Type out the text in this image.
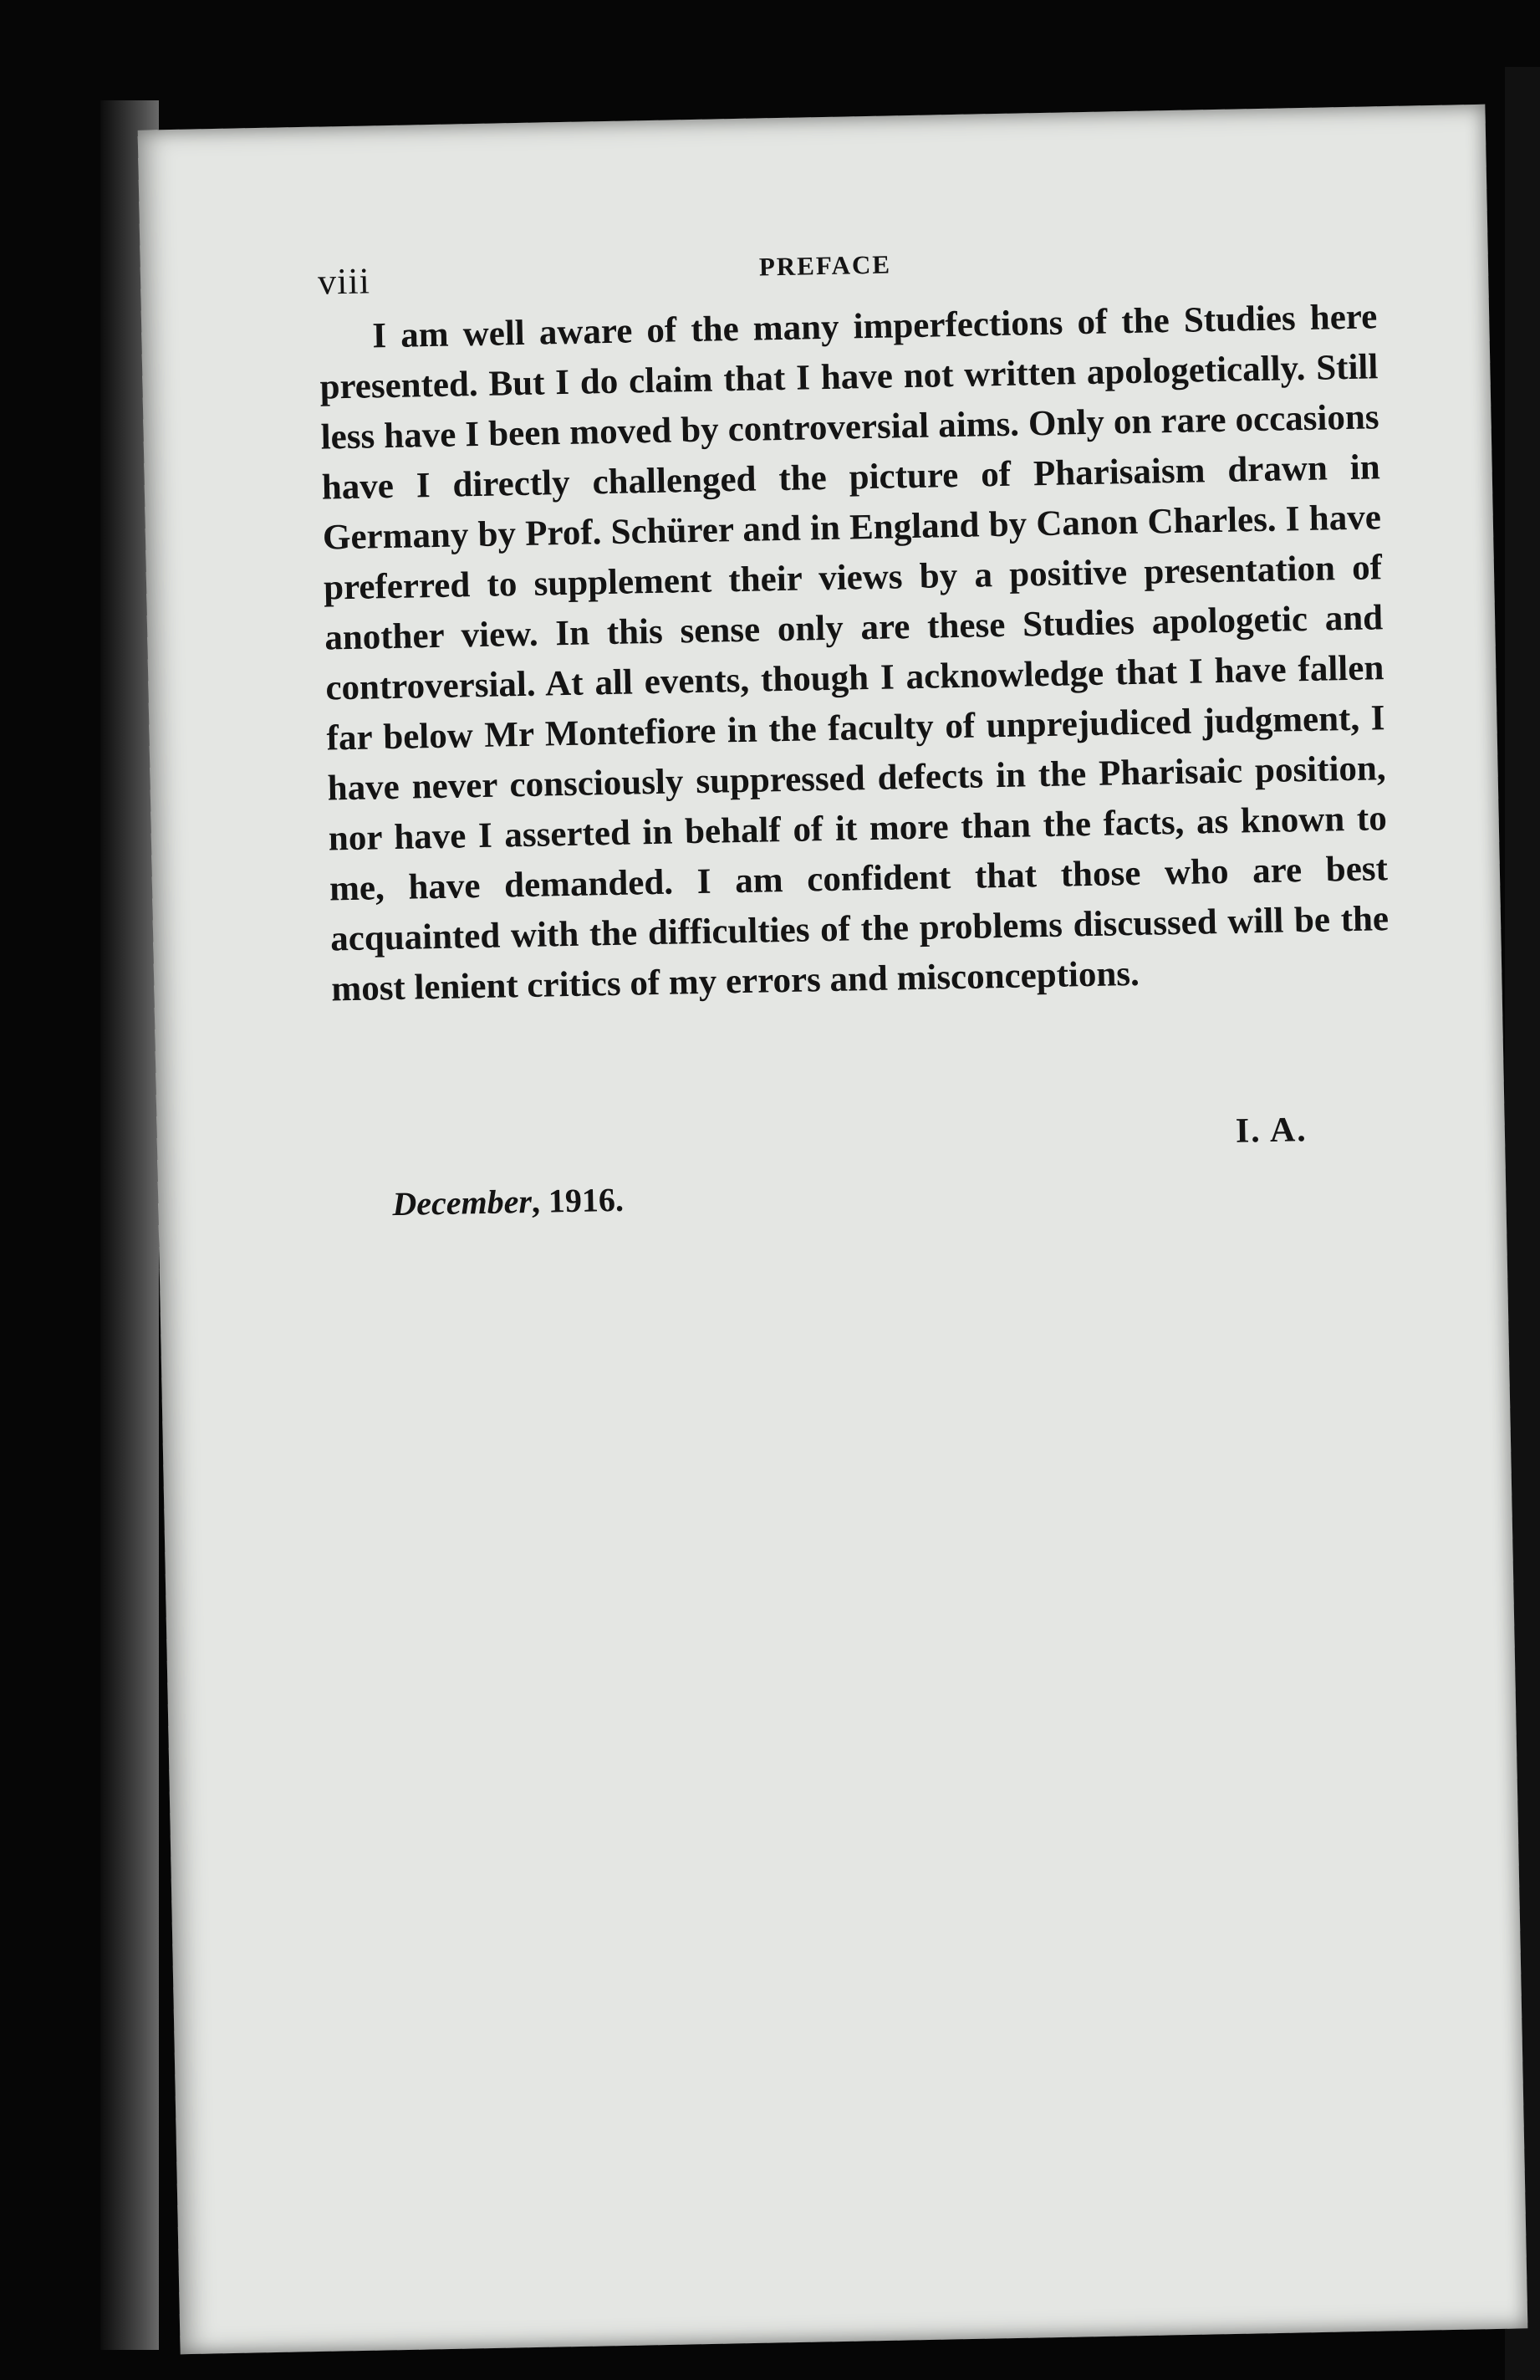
viii	PREFACE

I am well aware of the many imperfections of the Studies here presented. But I do claim that I have not written apologetically. Still less have I been moved by controversial aims. Only on rare occasions have I directly challenged the picture of Pharisaism drawn in Germany by Prof. Schürer and in England by Canon Charles. I have preferred to supplement their views by a positive presentation of another view. In this sense only are these Studies apologetic and controversial. At all events, though I acknowledge that I have fallen far below Mr Montefiore in the faculty of unprejudiced judgment, I have never consciously suppressed defects in the Pharisaic position, nor have I asserted in behalf of it more than the facts, as known to me, have demanded. I am confident that those who are best acquainted with the difficulties of the problems discussed will be the most lenient critics of my errors and misconceptions.

I. A.
December, 1916.
